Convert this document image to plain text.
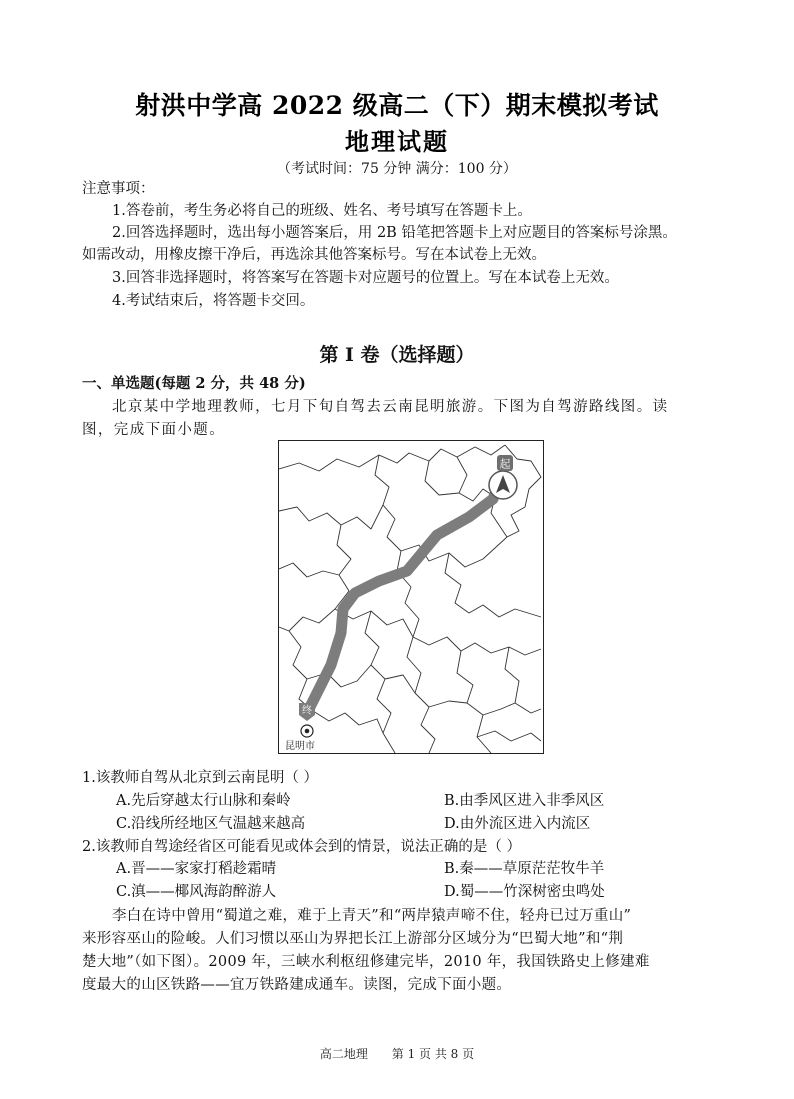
射洪中学高 2022 级高二（下）期末模拟考试
地理试题
（考试时间：75 分钟 满分：100 分）
注意事项：
1.答卷前，考生务必将自己的班级、姓名、考号填写在答题卡上。
2.回答选择题时，选出每小题答案后，用 2B 铅笔把答题卡上对应题目的答案标号涂黑。
如需改动，用橡皮擦干净后，再选涂其他答案标号。写在本试卷上无效。
3.回答非选择题时，将答案写在答题卡对应题号的位置上。写在本试卷上无效。
4.考试结束后，将答题卡交回。
第 I 卷（选择题）
一、单选题(每题 2 分，共 48 分)
北京某中学地理教师，七月下旬自驾去云南昆明旅游。下图为自驾游路线图。读
图，完成下面小题。
起
终
昆明市
1.该教师自驾从北京到云南昆明（ ）
A.先后穿越太行山脉和秦岭	B.由季风区进入非季风区
C.沿线所经地区气温越来越高	D.由外流区进入内流区
2.该教师自驾途经省区可能看见或体会到的情景，说法正确的是（ ）
A.晋——家家打稻趁霜晴	B.秦——草原茫茫牧牛羊
C.滇——椰风海韵醉游人	D.蜀——竹深树密虫鸣处
李白在诗中曾用“蜀道之难，难于上青天”和“两岸猿声啼不住，轻舟已过万重山”
来形容巫山的险峻。人们习惯以巫山为界把长江上游部分区域分为“巴蜀大地”和“荆
楚大地”（如下图）。2009 年，三峡水利枢纽修建完毕，2010 年，我国铁路史上修建难
度最大的山区铁路——宜万铁路建成通车。读图，完成下面小题。
高二地理 第 1 页 共 8 页
